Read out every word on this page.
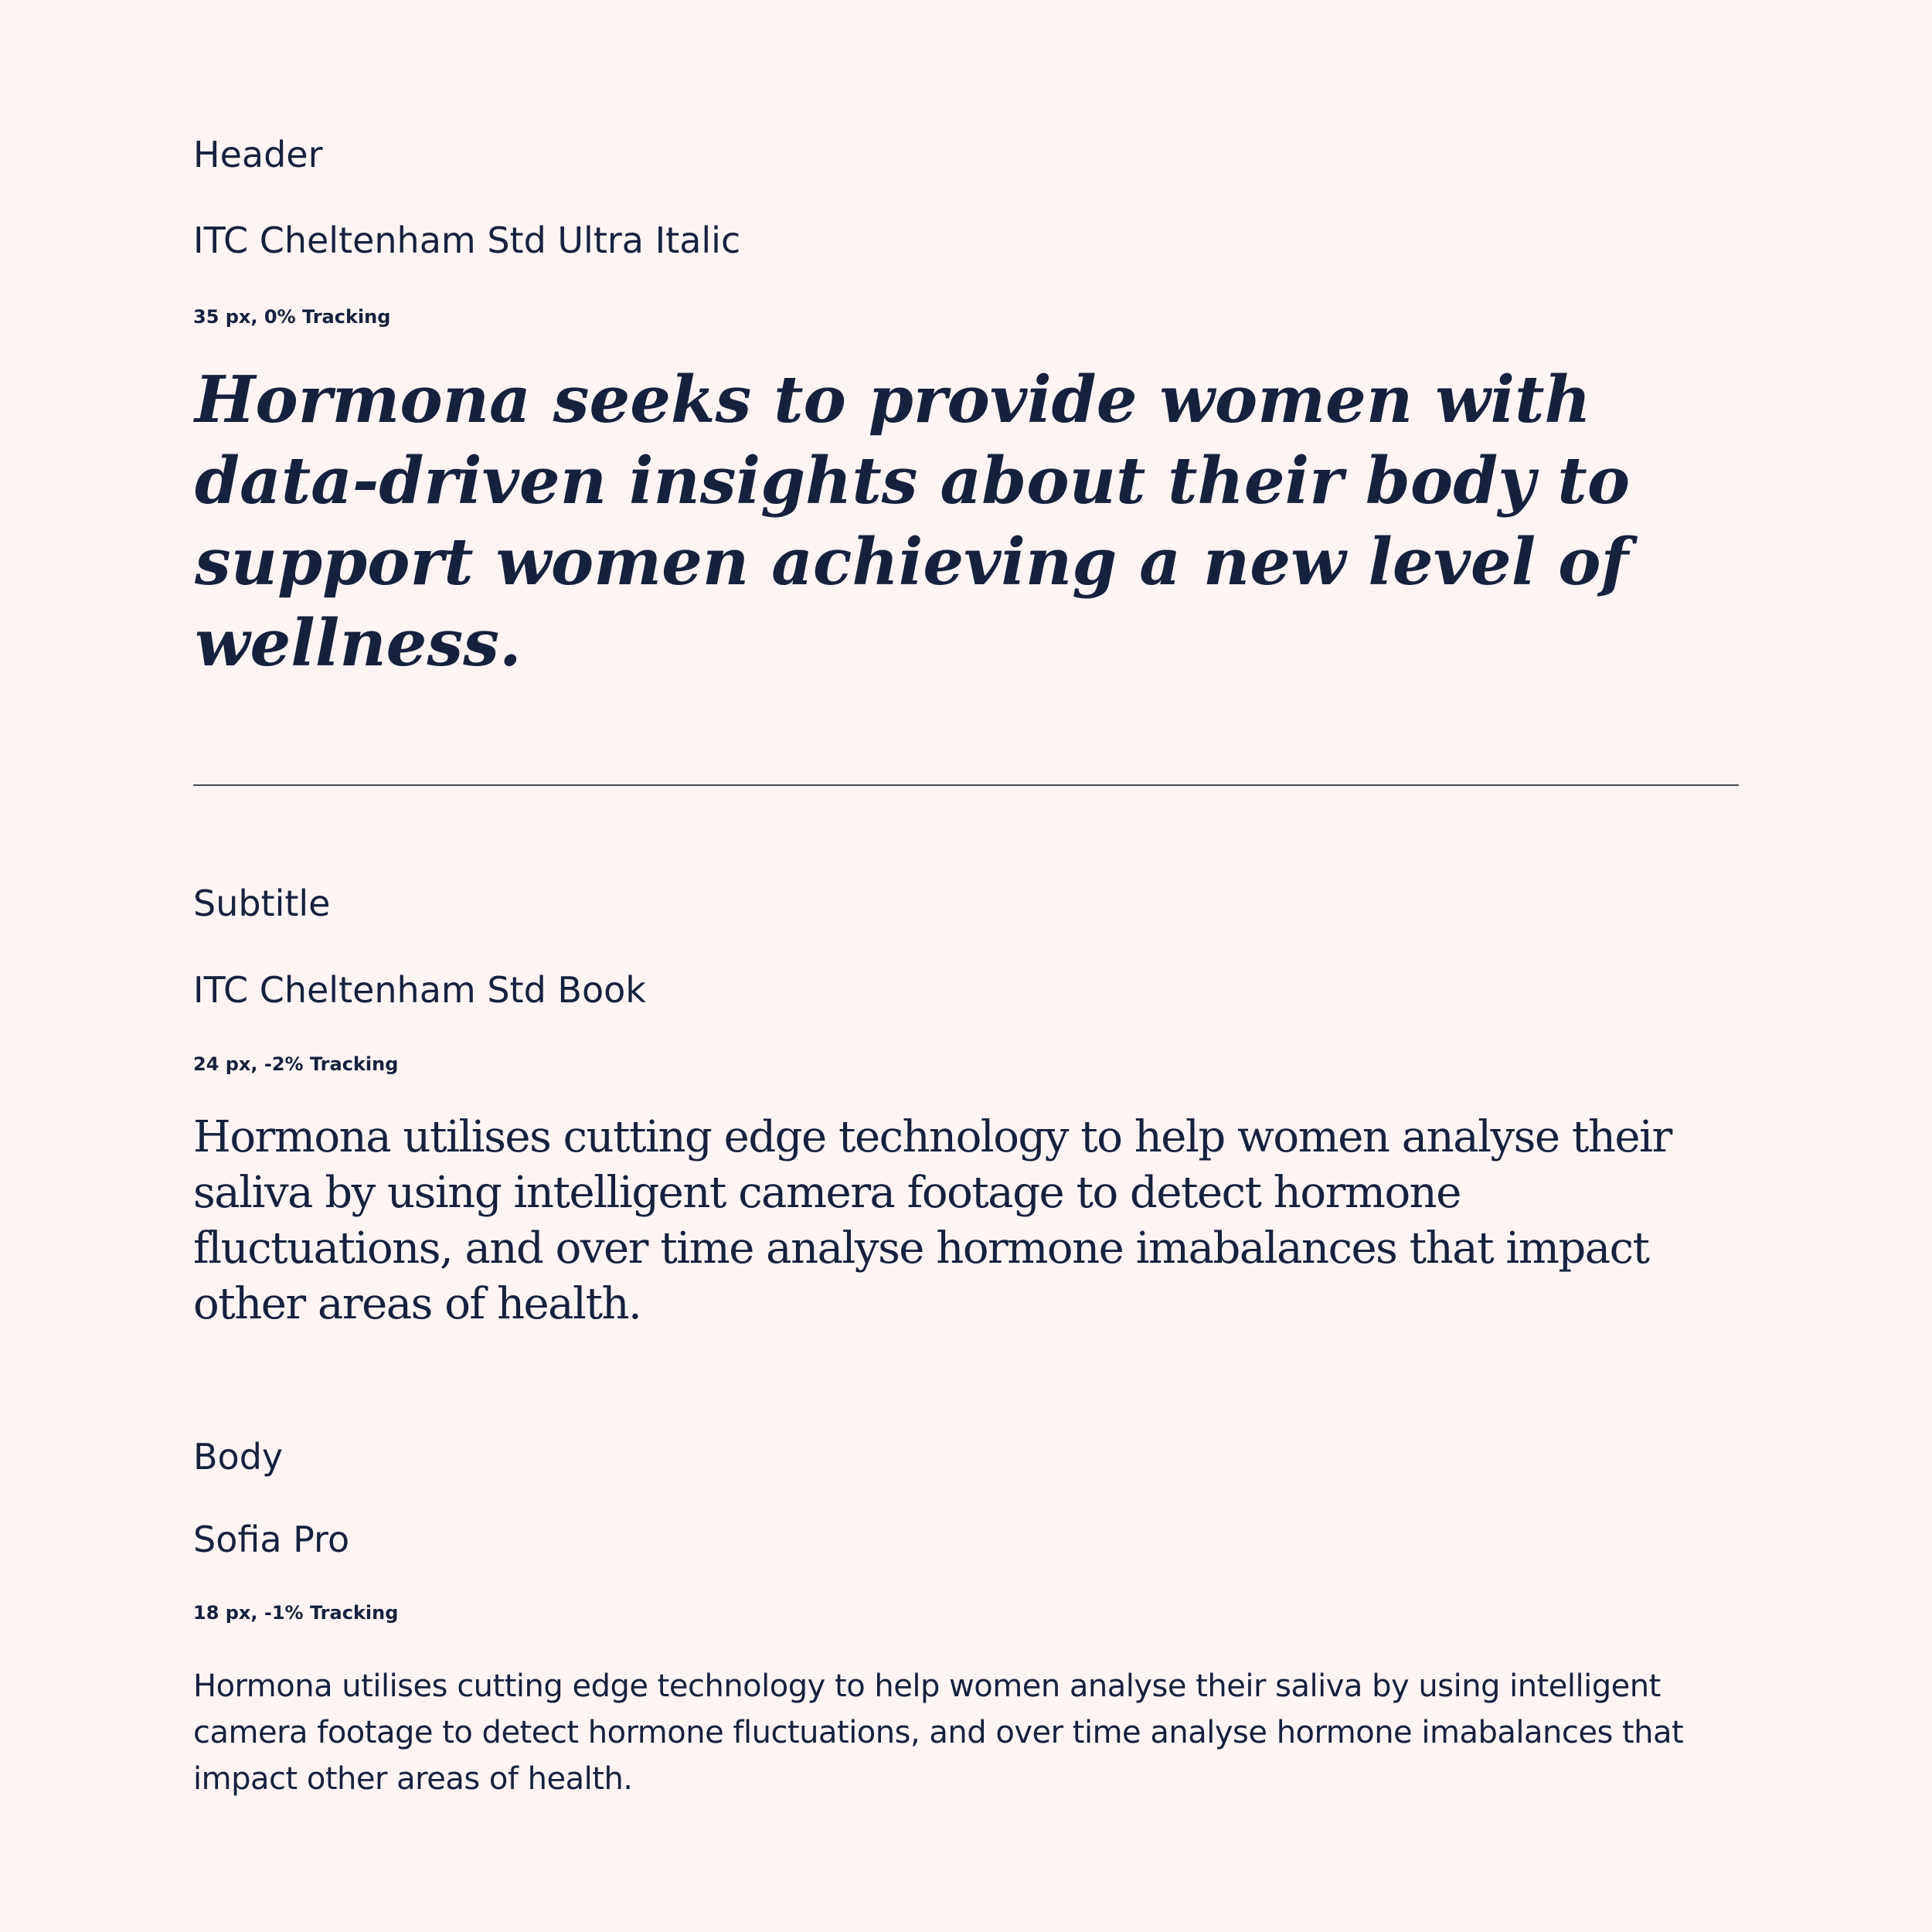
Header
ITC Cheltenham Std Ultra Italic
35 px, 0% Tracking

Hormona seeks to provide women with data-driven insights about their body to support women achieving a new level of wellness.

Subtitle
ITC Cheltenham Std Book
24 px, -2% Tracking

Hormona utilises cutting edge technology to help women analyse their saliva by using intelligent camera footage to detect hormone fluctuations, and over time analyse hormone imabalances that impact other areas of health.

Body
Sofia Pro
18 px, -1% Tracking

Hormona utilises cutting edge technology to help women analyse their saliva by using intelligent camera footage to detect hormone fluctuations, and over time analyse hormone imabalances that impact other areas of health.
